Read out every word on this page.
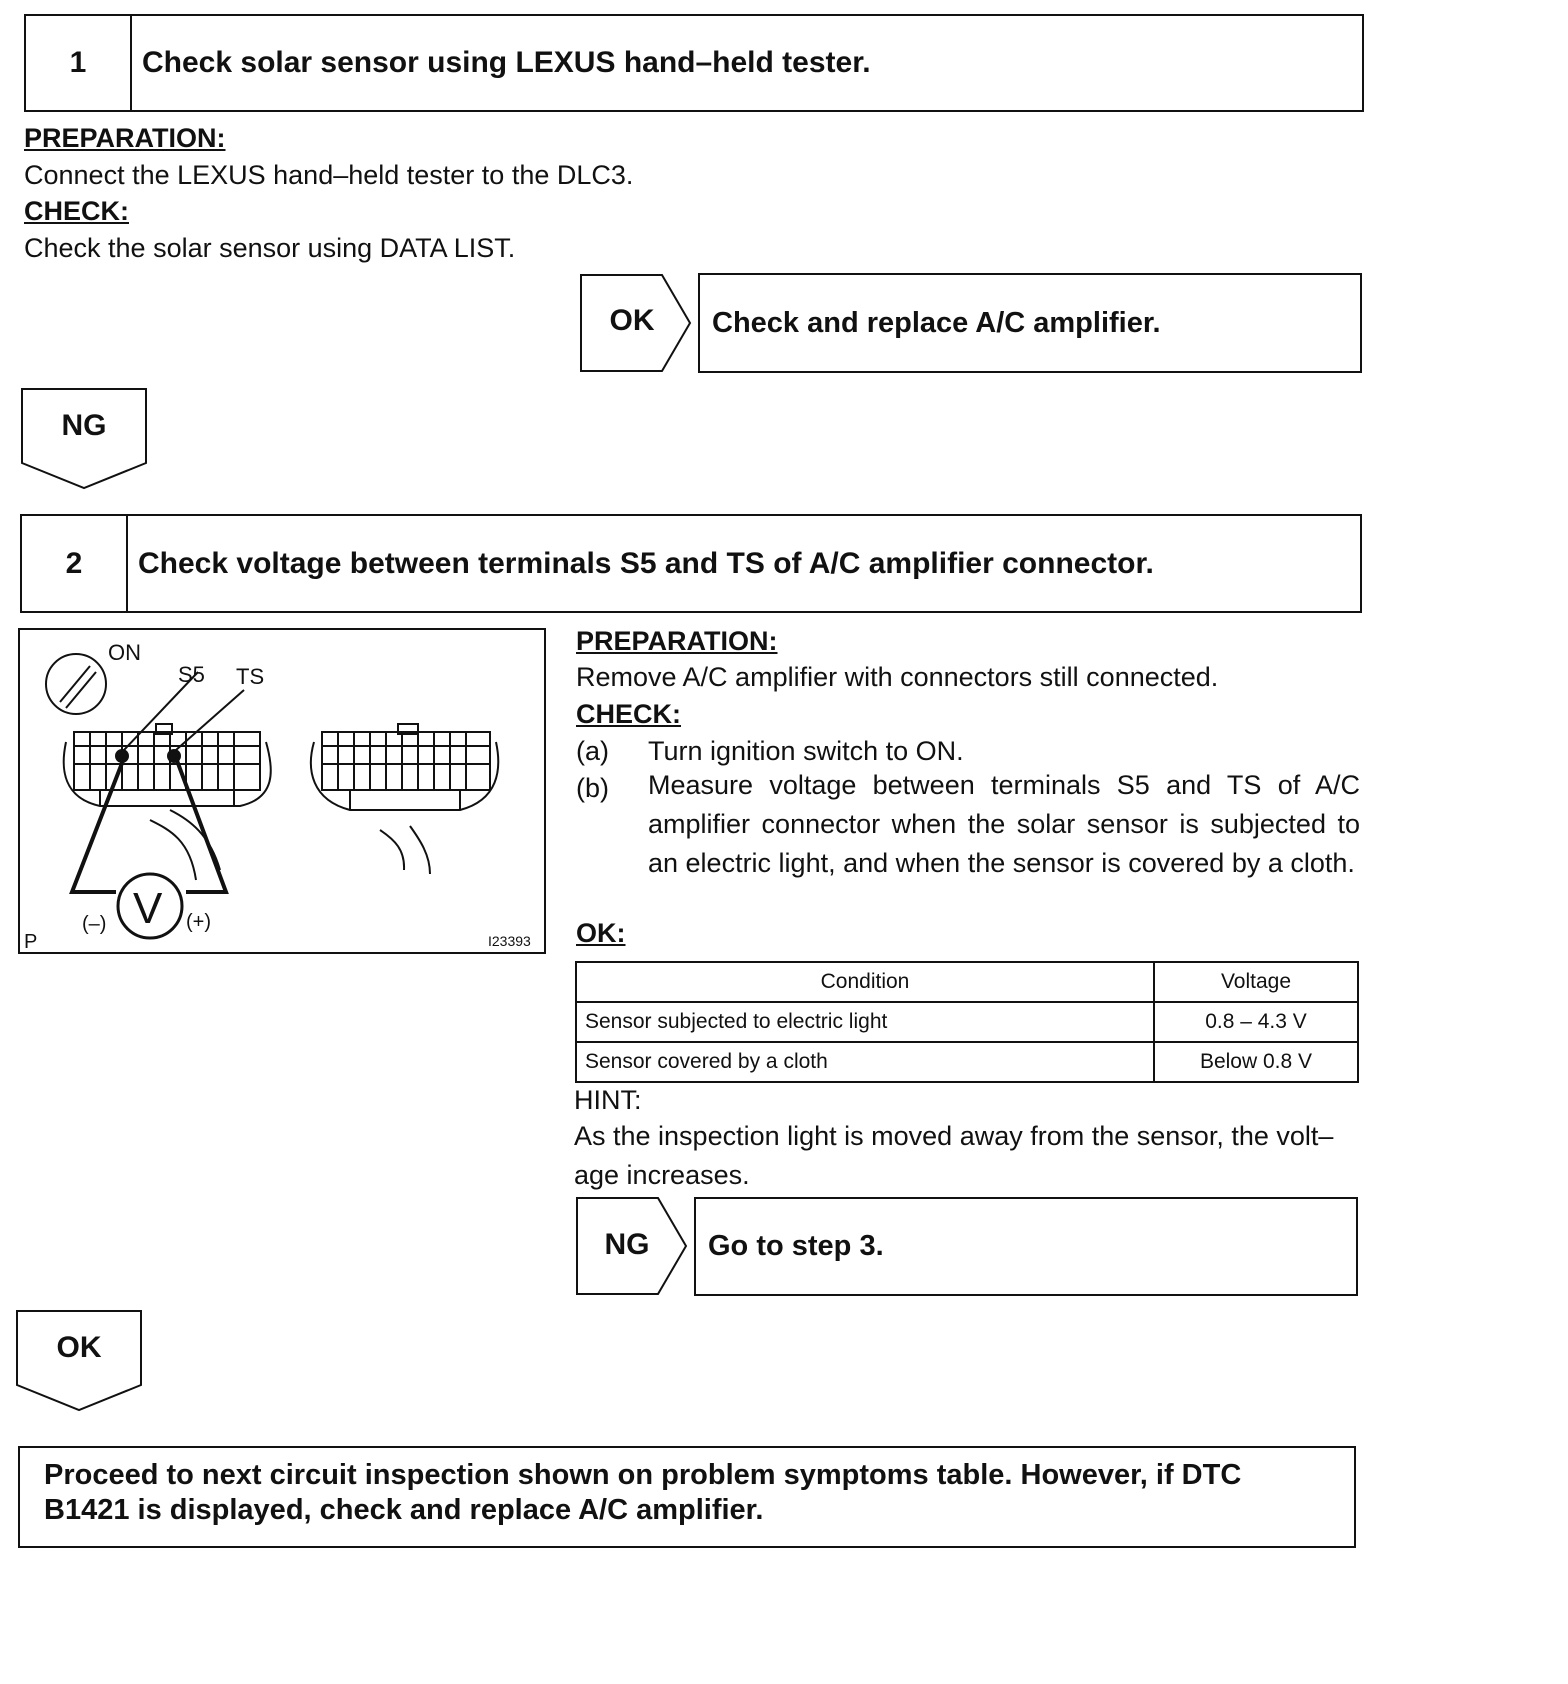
1	Check solar sensor using LEXUS hand–held tester.
PREPARATION:
Connect the LEXUS hand–held tester to the DLC3.
CHECK:
Check the solar sensor using DATA LIST.
OK	Check and replace A/C amplifier.
NG
2	Check voltage between terminals S5 and TS of A/C amplifier connector.
ON
S5 TS
V
(–)	(+)
P	I23393
PREPARATION:
Remove A/C amplifier with connectors still connected.
CHECK:
(a) Turn ignition switch to ON.
(b) Measure voltage between terminals S5 and TS of A/C amplifier connector when the solar sensor is subjected to an electric light, and when the sensor is covered by a cloth.
OK:
Condition	Voltage
Sensor subjected to electric light	0.8 – 4.3 V
Sensor covered by a cloth	Below 0.8 V
HINT:
As the inspection light is moved away from the sensor, the volt– age increases.
NG	Go to step 3.
OK
Proceed to next circuit inspection shown on problem symptoms table. However, if DTC B1421 is displayed, check and replace A/C amplifier.
